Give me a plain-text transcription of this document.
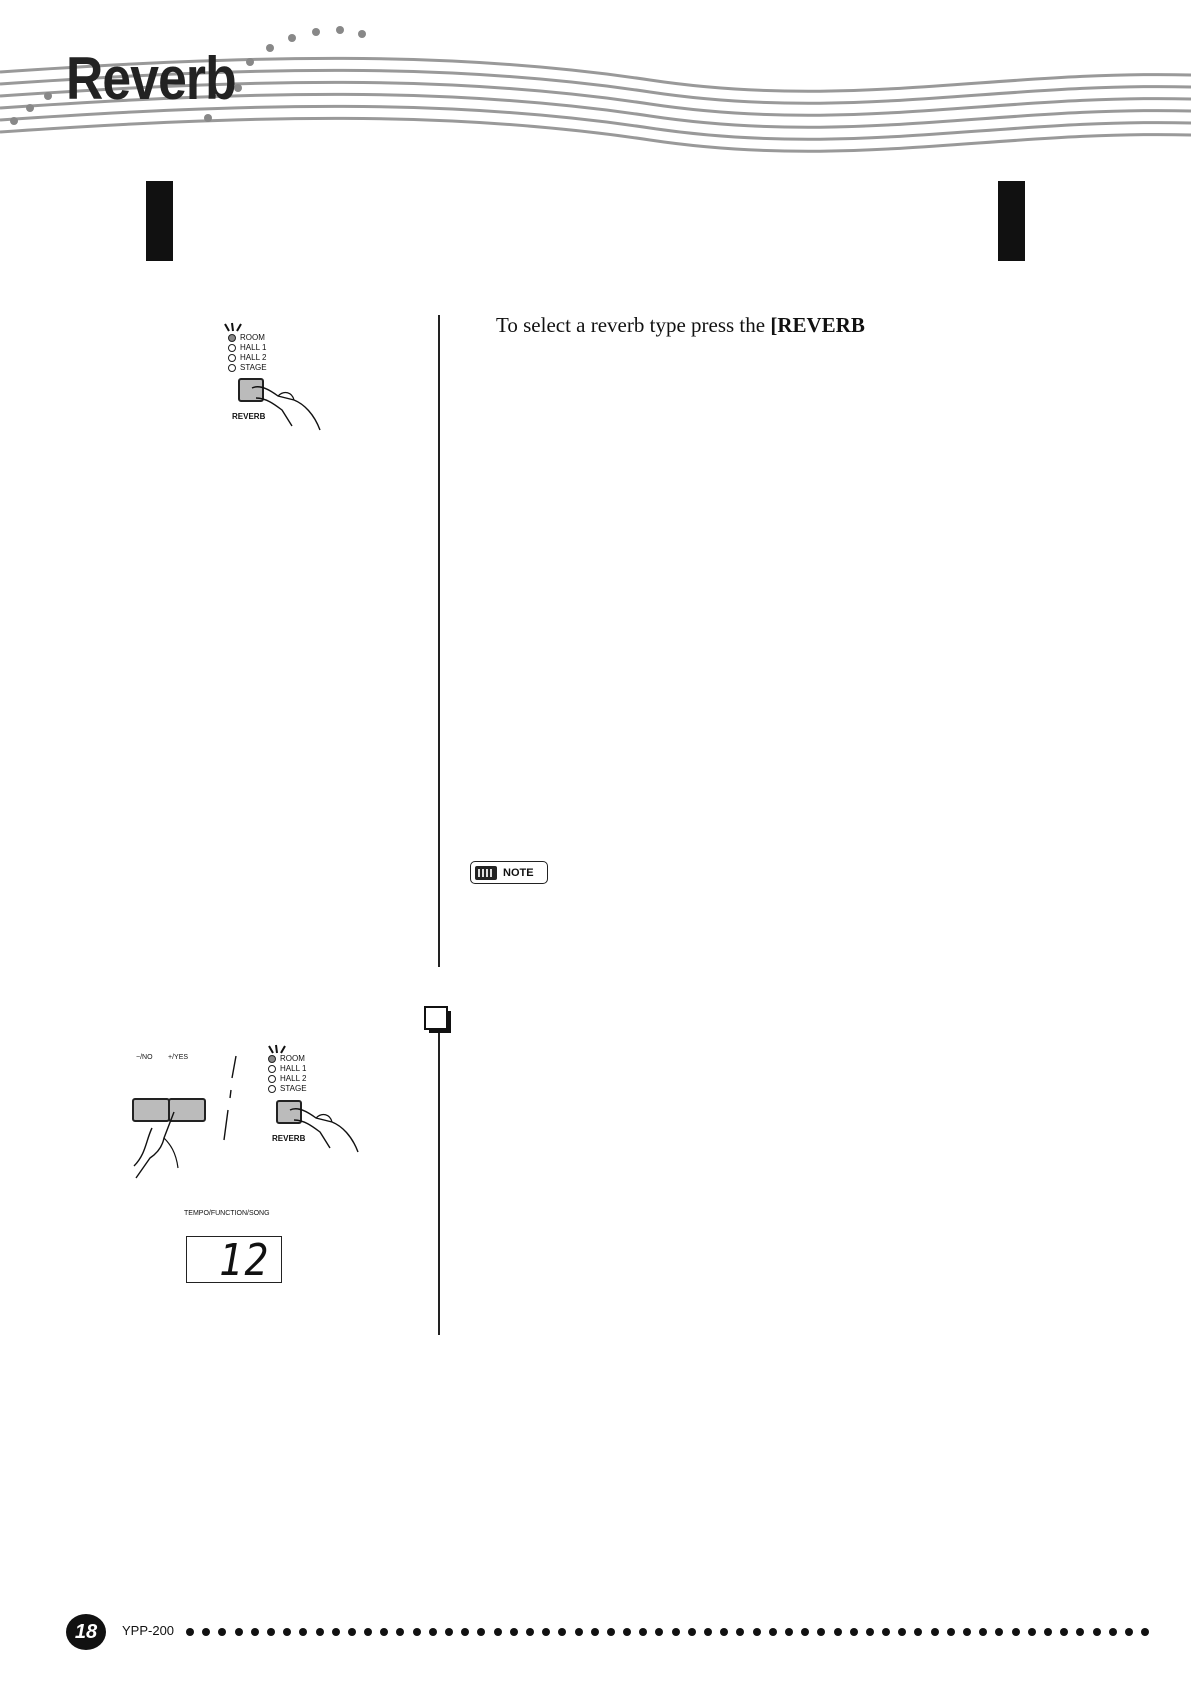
Reverb
To select a reverb type press the [REVERB
ROOM
HALL 1
HALL 2
STAGE
REVERB
NOTE
−/NO +/YES	ROOM
HALL 1
HALL 2
STAGE
REVERB
TEMPO/FUNCTION/SONG
12
18	YPP-200
